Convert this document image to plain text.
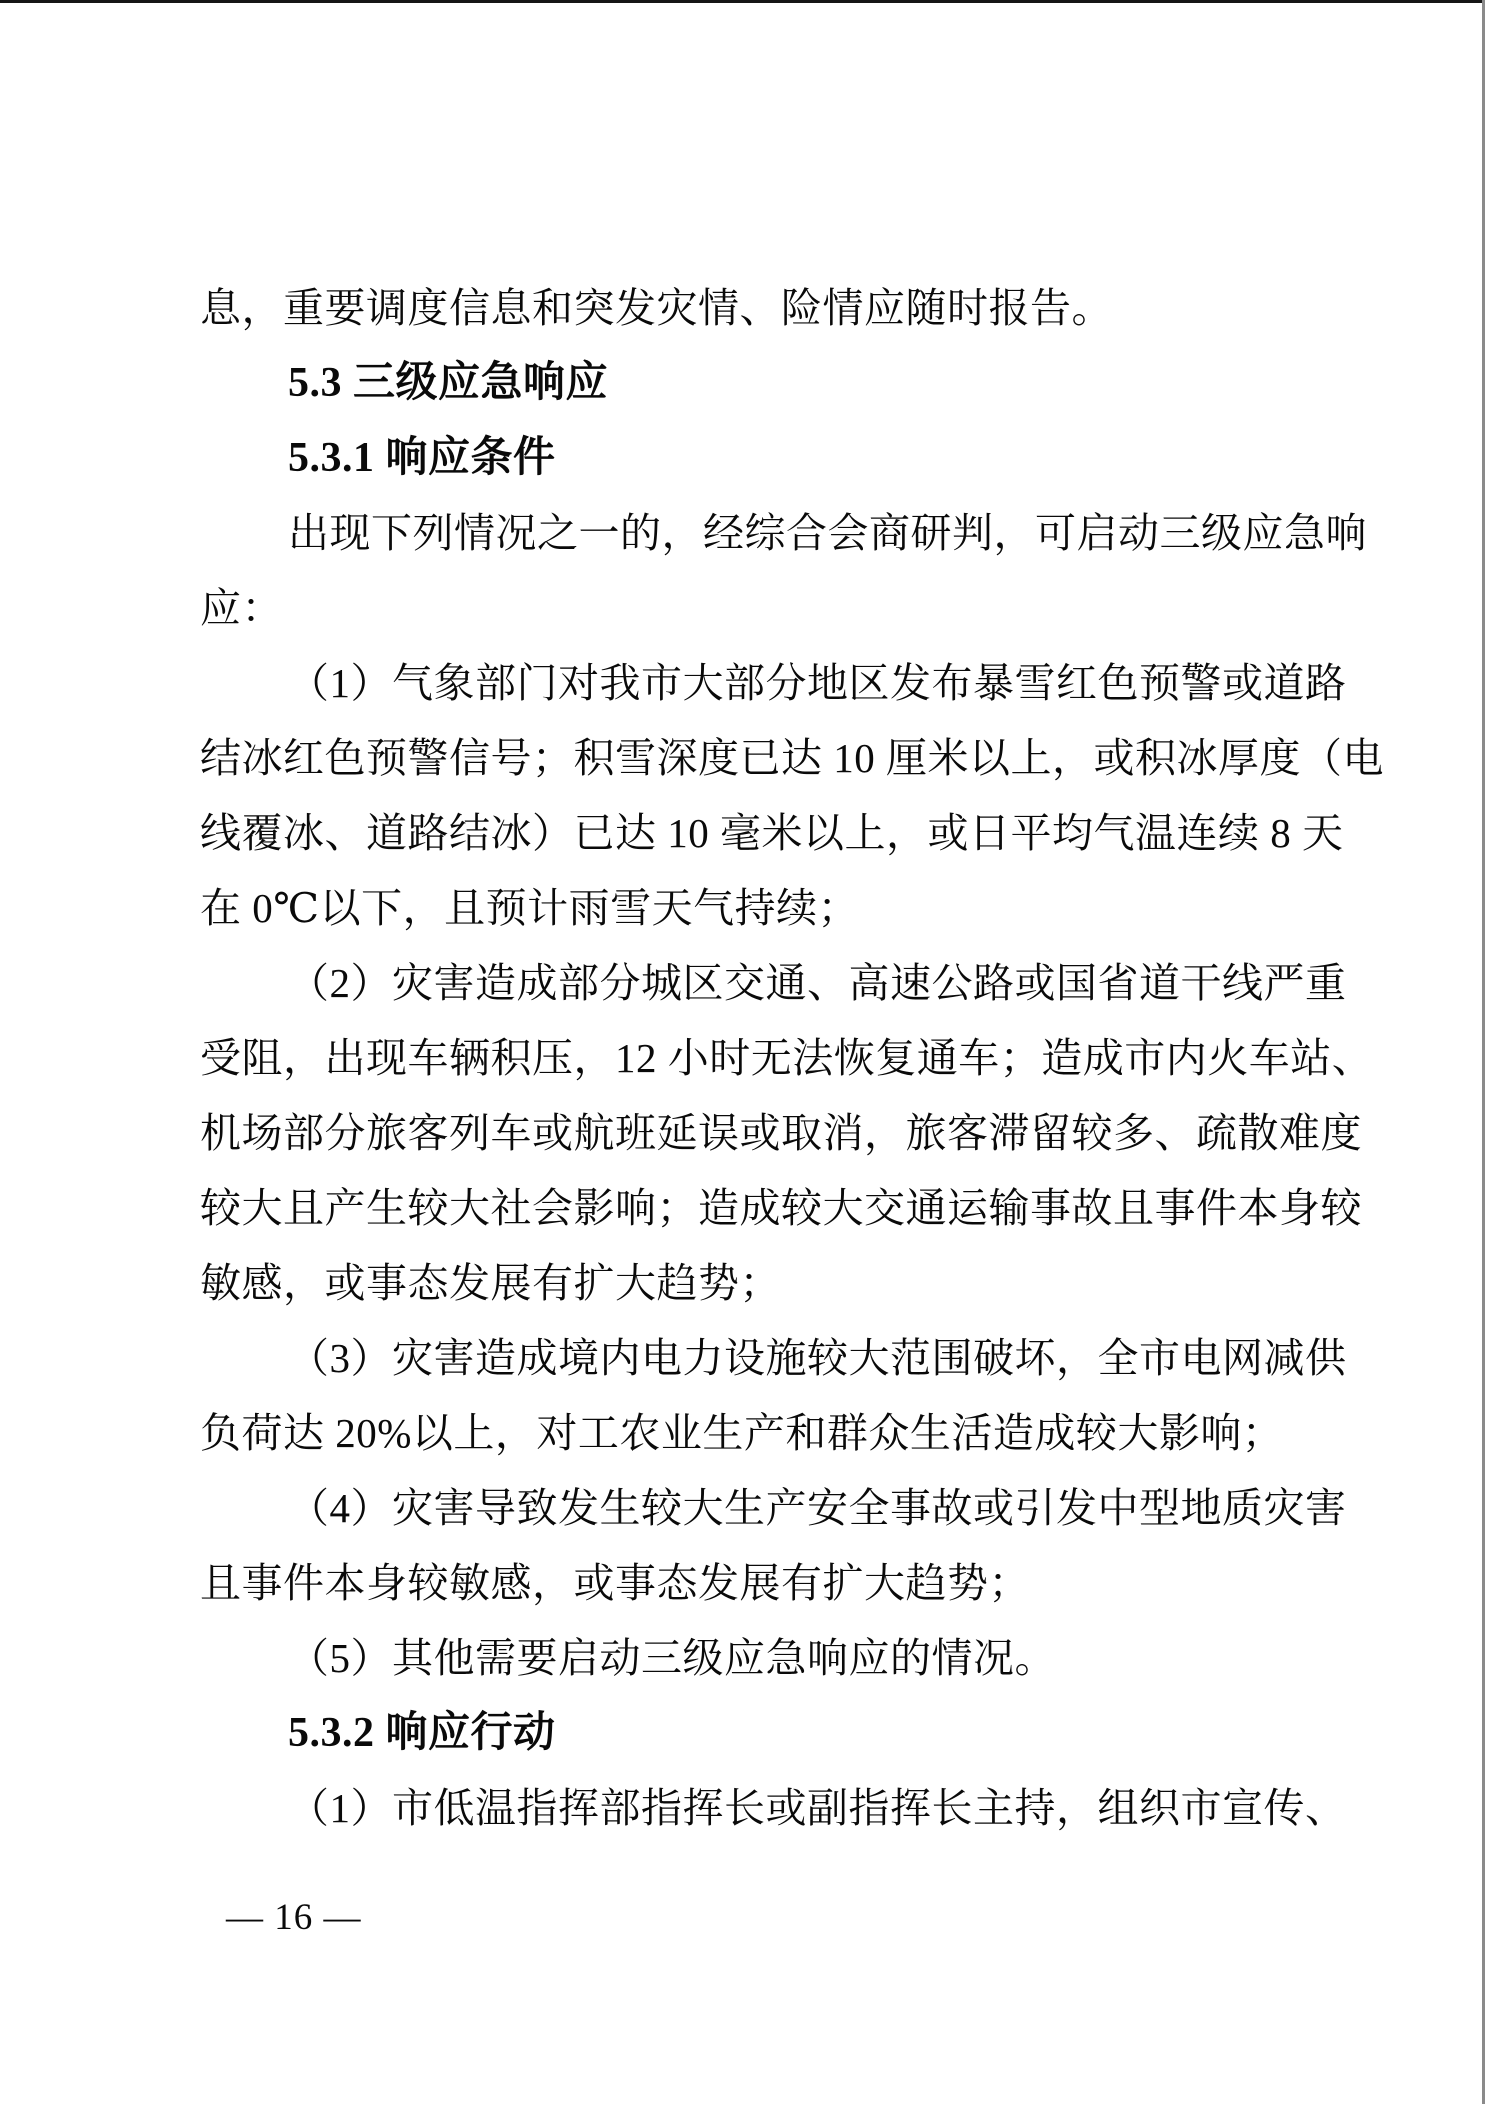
息，重要调度信息和突发灾情、险情应随时报告。
5.3 三级应急响应
5.3.1 响应条件
出现下列情况之一的，经综合会商研判，可启动三级应急响
应：
（1）气象部门对我市大部分地区发布暴雪红色预警或道路
结冰红色预警信号；积雪深度已达 10 厘米以上，或积冰厚度（电
线覆冰、道路结冰）已达 10 毫米以上，或日平均气温连续 8 天
在 0℃以下，且预计雨雪天气持续；
（2）灾害造成部分城区交通、高速公路或国省道干线严重
受阻，出现车辆积压，12 小时无法恢复通车；造成市内火车站、
机场部分旅客列车或航班延误或取消，旅客滞留较多、疏散难度
较大且产生较大社会影响；造成较大交通运输事故且事件本身较
敏感，或事态发展有扩大趋势；
（3）灾害造成境内电力设施较大范围破坏，全市电网减供
负荷达 20%以上，对工农业生产和群众生活造成较大影响；
（4）灾害导致发生较大生产安全事故或引发中型地质灾害
且事件本身较敏感，或事态发展有扩大趋势；
（5）其他需要启动三级应急响应的情况。
5.3.2 响应行动
（1）市低温指挥部指挥长或副指挥长主持，组织市宣传、
— 16 —
